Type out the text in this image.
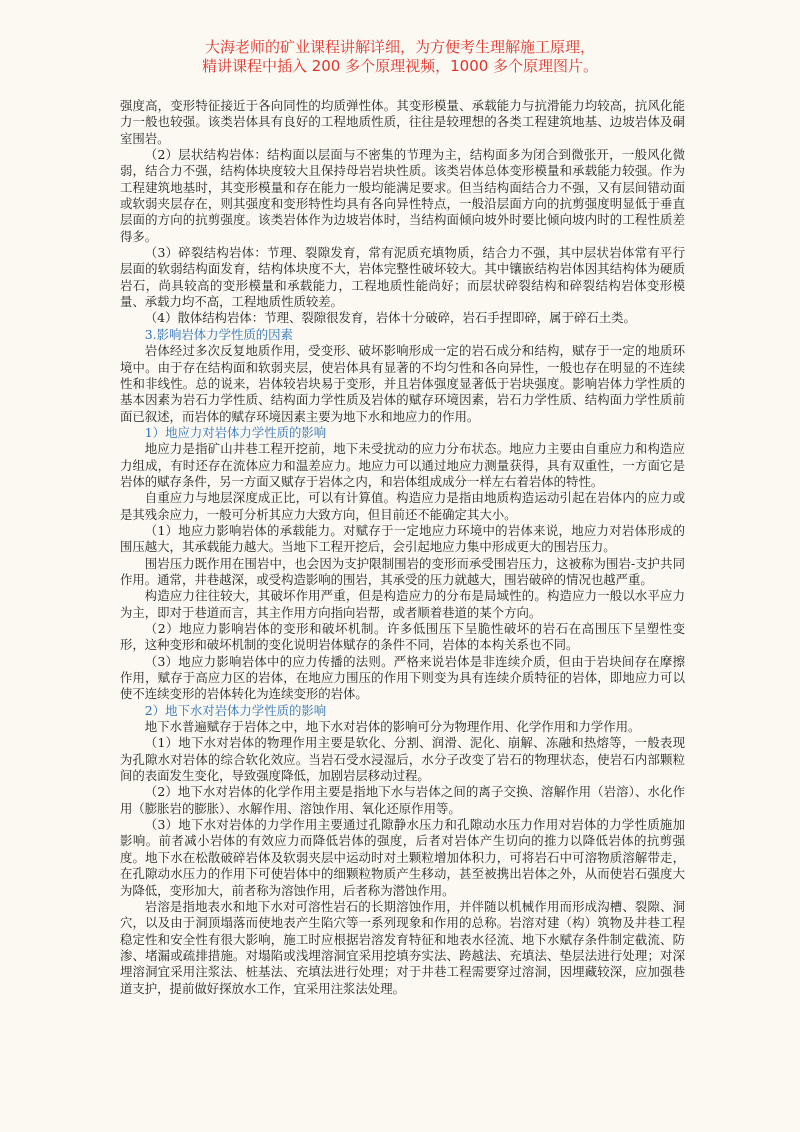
大海老师的矿业课程讲解详细，为方便考生理解施工原理，
精讲课程中插入 200 多个原理视频，1000 多个原理图片。

强度高，变形特征接近于各向同性的均质弹性体。其变形模量、承载能力与抗滑能力均较高，抗风化能力一般也较强。该类岩体具有良好的工程地质性质，往往是较理想的各类工程建筑地基、边坡岩体及硐室围岩。

（2）层状结构岩体：结构面以层面与不密集的节理为主，结构面多为闭合到微张开，一般风化微弱，结合力不强，结构体块度较大且保持母岩岩块性质。该类岩体总体变形模量和承载能力较强。作为工程建筑地基时，其变形模量和存在能力一般均能满足要求。但当结构面结合力不强，又有层间错动面或软弱夹层存在，则其强度和变形特性均具有各向异性特点，一般沿层面方向的抗剪强度明显低于垂直层面的方向的抗剪强度。该类岩体作为边坡岩体时，当结构面倾向坡外时要比倾向坡内时的工程性质差得多。

（3）碎裂结构岩体：节理、裂隙发育，常有泥质充填物质，结合力不强，其中层状岩体常有平行层面的软弱结构面发育，结构体块度不大，岩体完整性破坏较大。其中镶嵌结构岩体因其结构体为硬质岩石，尚具较高的变形模量和承载能力，工程地质性能尚好；而层状碎裂结构和碎裂结构岩体变形模量、承载力均不高，工程地质性质较差。

（4）散体结构岩体：节理、裂隙很发育，岩体十分破碎，岩石手捏即碎，属于碎石土类。

3.影响岩体力学性质的因素

岩体经过多次反复地质作用，受变形、破坏影响形成一定的岩石成分和结构，赋存于一定的地质环境中。由于存在结构面和软弱夹层，使岩体具有显著的不均匀性和各向异性，一般也存在明显的不连续性和非线性。总的说来，岩体较岩块易于变形，并且岩体强度显著低于岩块强度。影响岩体力学性质的基本因素为岩石力学性质、结构面力学性质及岩体的赋存环境因素，岩石力学性质、结构面力学性质前面已叙述，而岩体的赋存环境因素主要为地下水和地应力的作用。

1）地应力对岩体力学性质的影响

地应力是指矿山井巷工程开挖前，地下未受扰动的应力分布状态。地应力主要由自重应力和构造应力组成，有时还存在流体应力和温差应力。地应力可以通过地应力测量获得，具有双重性，一方面它是岩体的赋存条件，另一方面又赋存于岩体之内，和岩体组成成分一样左右着岩体的特性。

自重应力与地层深度成正比，可以有计算值。构造应力是指由地质构造运动引起在岩体内的应力或是其残余应力，一般可分析其应力大致方向，但目前还不能确定其大小。

（1）地应力影响岩体的承载能力。对赋存于一定地应力环境中的岩体来说，地应力对岩体形成的围压越大，其承载能力越大。当地下工程开挖后，会引起地应力集中形成更大的围岩压力。

围岩压力既作用在围岩中，也会因为支护限制围岩的变形而承受围岩压力，这被称为围岩-支护共同作用。通常，井巷越深，或受构造影响的围岩，其承受的压力就越大，围岩破碎的情况也越严重。

构造应力往往较大，其破坏作用严重，但是构造应力的分布是局域性的。构造应力一般以水平应力为主，即对于巷道而言，其主作用方向指向岩帮，或者顺着巷道的某个方向。

（2）地应力影响岩体的变形和破坏机制。许多低围压下呈脆性破坏的岩石在高围压下呈塑性变形，这种变形和破坏机制的变化说明岩体赋存的条件不同，岩体的本构关系也不同。

（3）地应力影响岩体中的应力传播的法则。严格来说岩体是非连续介质，但由于岩块间存在摩擦作用，赋存于高应力区的岩体，在地应力围压的作用下则变为具有连续介质特征的岩体，即地应力可以使不连续变形的岩体转化为连续变形的岩体。

2）地下水对岩体力学性质的影响

地下水普遍赋存于岩体之中，地下水对岩体的影响可分为物理作用、化学作用和力学作用。

（1）地下水对岩体的物理作用主要是软化、分割、润滑、泥化、崩解、冻融和热熔等，一般表现为孔隙水对岩体的综合软化效应。当岩石受水浸湿后，水分子改变了岩石的物理状态，使岩石内部颗粒间的表面发生变化，导致强度降低，加剧岩层移动过程。

（2）地下水对岩体的化学作用主要是指地下水与岩体之间的离子交换、溶解作用（岩溶）、水化作用（膨胀岩的膨胀）、水解作用、溶蚀作用、氧化还原作用等。

（3）地下水对岩体的力学作用主要通过孔隙静水压力和孔隙动水压力作用对岩体的力学性质施加影响。前者减小岩体的有效应力而降低岩体的强度，后者对岩体产生切向的推力以降低岩体的抗剪强度。地下水在松散破碎岩体及软弱夹层中运动时对土颗粒增加体积力，可将岩石中可溶物质溶解带走，在孔隙动水压力的作用下可使岩体中的细颗粒物质产生移动，甚至被携出岩体之外，从而使岩石强度大为降低，变形加大，前者称为溶蚀作用，后者称为潜蚀作用。

岩溶是指地表水和地下水对可溶性岩石的长期溶蚀作用，并伴随以机械作用而形成沟槽、裂隙、洞穴，以及由于洞顶塌落而使地表产生陷穴等一系列现象和作用的总称。岩溶对建（构）筑物及井巷工程稳定性和安全性有很大影响，施工时应根据岩溶发育特征和地表水径流、地下水赋存条件制定截流、防渗、堵漏或疏排措施。对塌陷或浅埋溶洞宜采用挖填夯实法、跨越法、充填法、垫层法进行处理；对深埋溶洞宜采用注浆法、桩基法、充填法进行处理；对于井巷工程需要穿过溶洞，因埋藏较深，应加强巷道支护，提前做好探放水工作，宜采用注浆法处理。
